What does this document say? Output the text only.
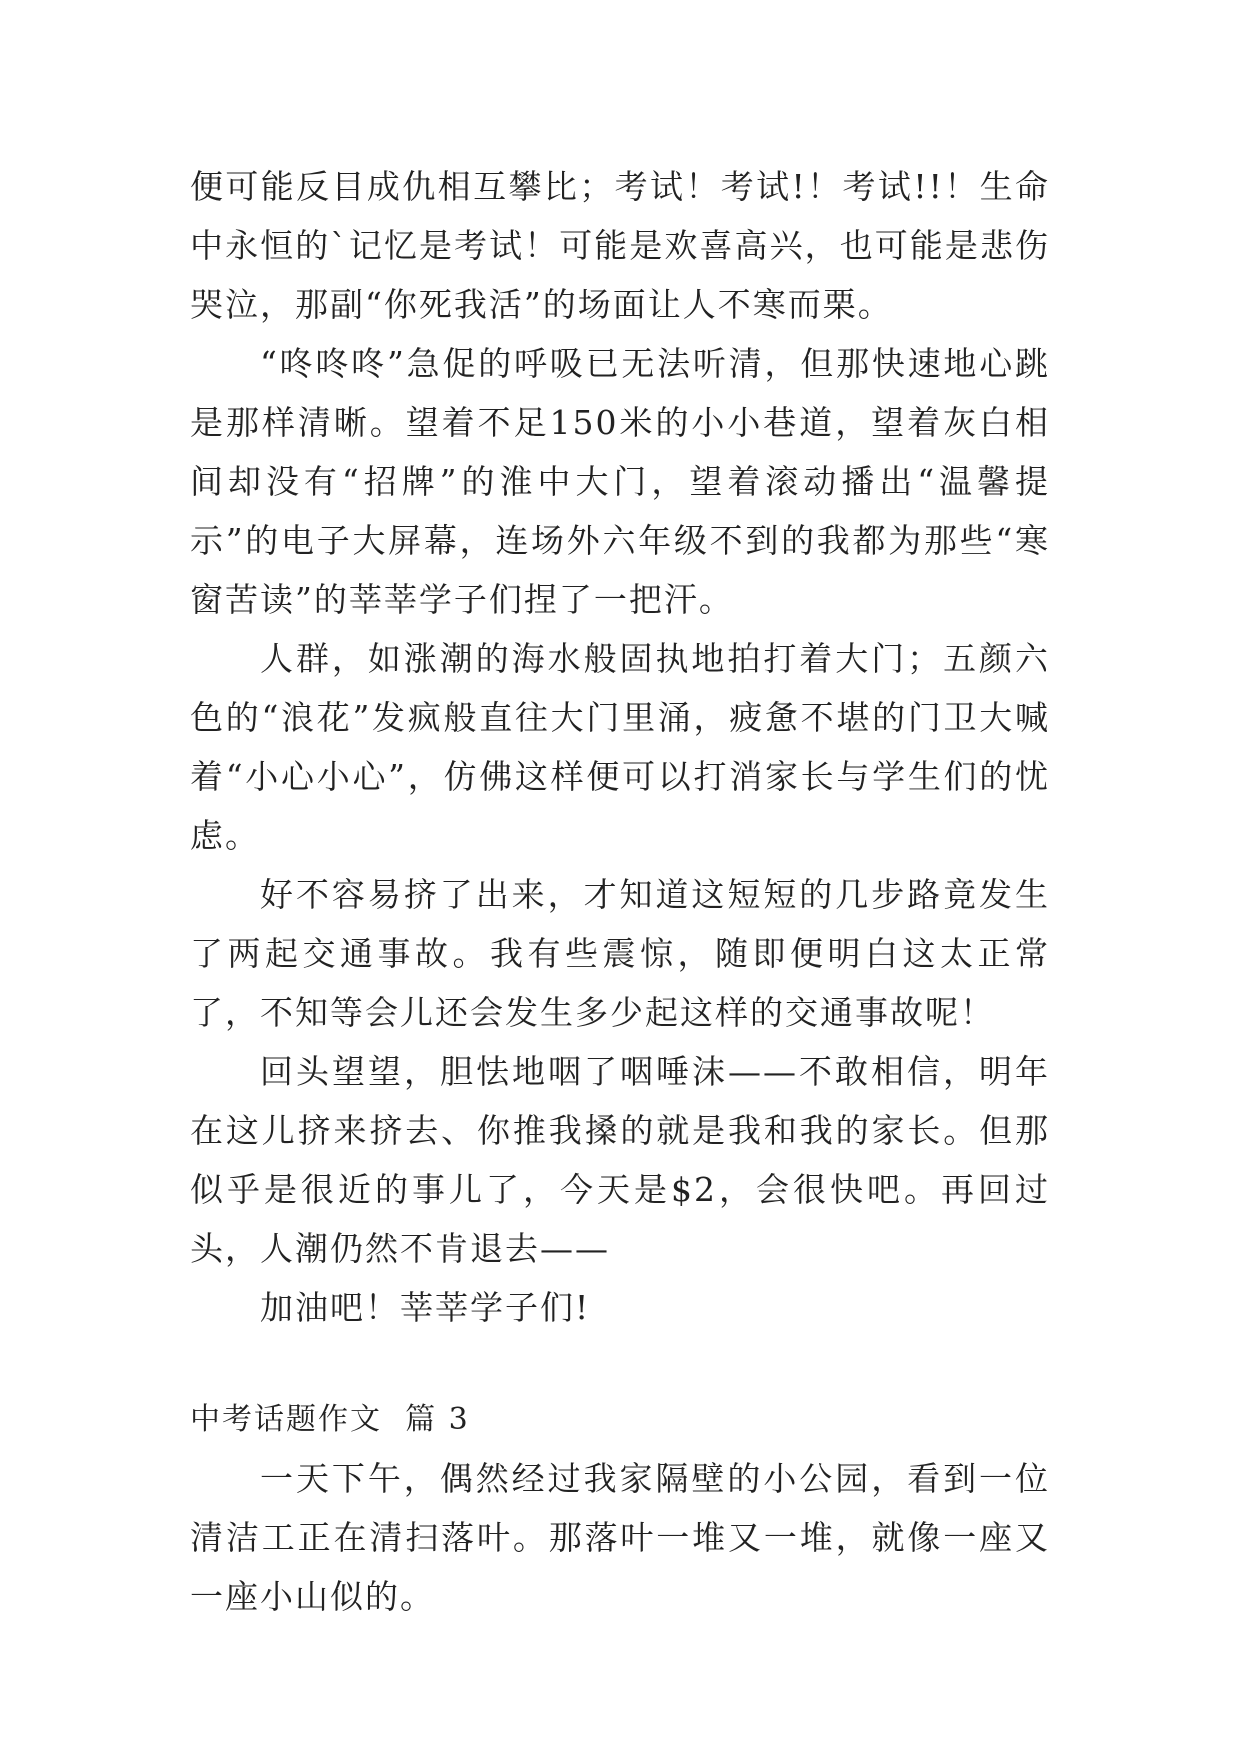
便可能反目成仇相互攀比；考试！考试!！考试!!！生命中永恒的`记忆是考试！可能是欢喜高兴，也可能是悲伤哭泣，那副“你死我活”的场面让人不寒而栗。

“咚咚咚”急促的呼吸已无法听清，但那快速地心跳是那样清晰。望着不足150米的小小巷道，望着灰白相间却没有“招牌”的淮中大门，望着滚动播出“温馨提示”的电子大屏幕，连场外六年级不到的我都为那些“寒窗苦读”的莘莘学子们捏了一把汗。

人群，如涨潮的海水般固执地拍打着大门；五颜六色的“浪花”发疯般直往大门里涌，疲惫不堪的门卫大喊着“小心小心”，仿佛这样便可以打消家长与学生们的忧虑。

好不容易挤了出来，才知道这短短的几步路竟发生了两起交通事故。我有些震惊，随即便明白这太正常了，不知等会儿还会发生多少起这样的交通事故呢！

回头望望，胆怯地咽了咽唾沫——不敢相信，明年在这儿挤来挤去、你推我搡的就是我和我的家长。但那似乎是很近的事儿了，今天是$2，会很快吧。再回过头，人潮仍然不肯退去——

加油吧！莘莘学子们!

中考话题作文  篇 3

一天下午，偶然经过我家隔壁的小公园，看到一位清洁工正在清扫落叶。那落叶一堆又一堆，就像一座又一座小山似的。
